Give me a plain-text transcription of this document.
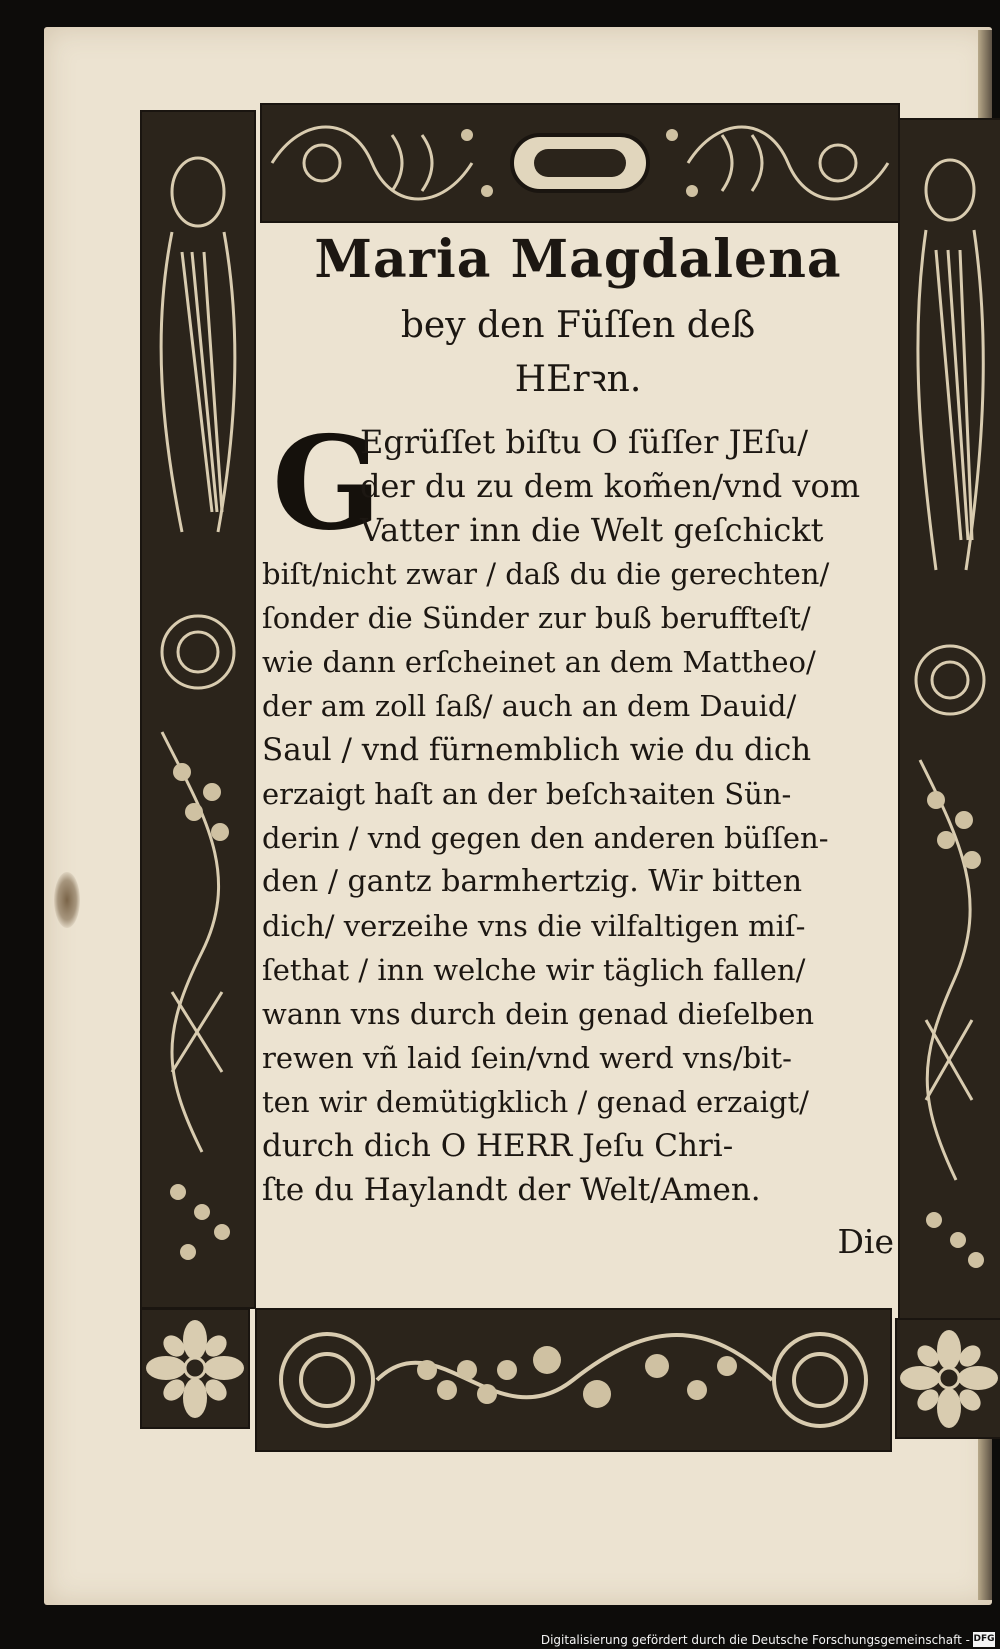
Maria Magdalena
bey den Füſſen deß
HErꝛn.
G
Egrüſſet biſtu O ſüſſer JEſu/
der du zu dem kom̃en/vnd vom
Vatter inn die Welt geſchickt
biſt/nicht zwar / daß du die gerechten/
ſonder die Sünder zur buß beruffteſt/
wie dann erſcheinet an dem Mattheo/
der am zoll ſaß/ auch an dem Dauid/
Saul / vnd fürnemblich wie du dich
erzaigt haſt an der beſchꝛaiten Sün-
derin / vnd gegen den anderen büſſen-
den / gantz barmhertzig. Wir bitten
dich/ verzeihe vns die vilfaltigen miſ-
ſethat / inn welche wir täglich fallen/
wann vns durch dein genad dieſelben
rewen vñ laid ſein/vnd werd vns/bit-
ten wir demütigklich / genad erzaigt/
durch dich O HERR Jeſu Chri-
ſte du Haylandt der Welt/Amen.
Die
Digitalisierung gefördert durch die Deutsche Forschungsgemeinschaft - DFG
